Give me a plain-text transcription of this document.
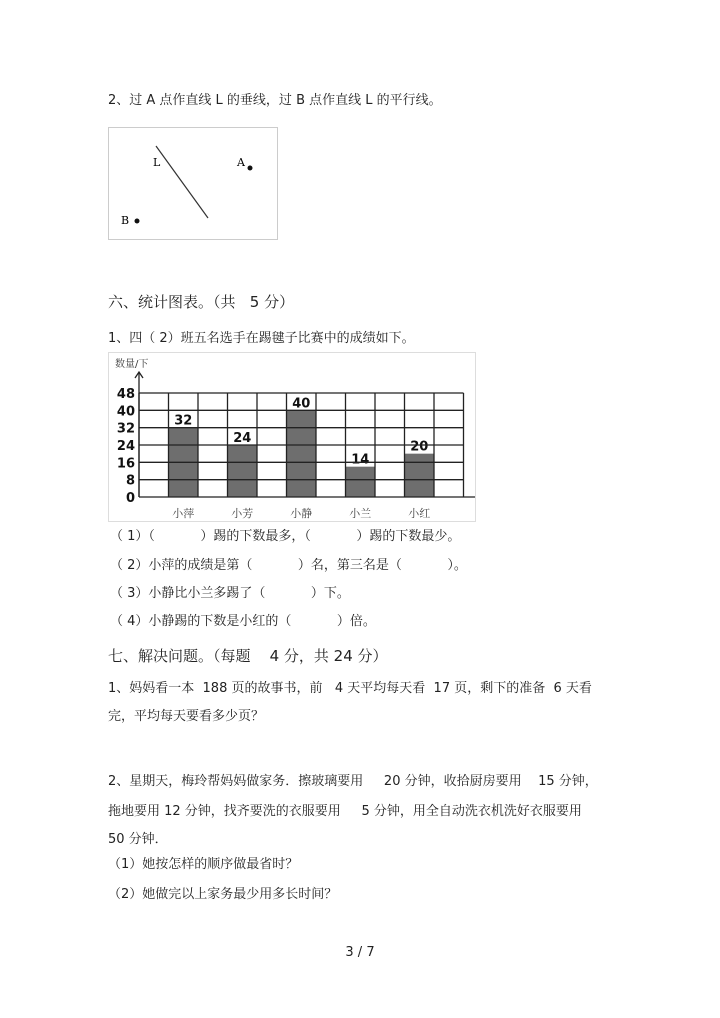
2、过 A 点作直线 L 的垂线，过 B 点作直线 L 的平行线。
L	A
B
六、统计图表。（共   5 分）
1、四（ 2）班五名选手在踢毽子比赛中的成绩如下。
数量/下
32
小萍
24
小芳
40
小静
14
小兰
20
小红
0
8
16
24
32
40
48
（ 1）（           ）踢的下数最多，（           ）踢的下数最少。
（ 2）小萍的成绩是第（           ）名，第三名是（           ）。
（ 3）小静比小兰多踢了（           ）下。
（ 4）小静踢的下数是小红的（           ）倍。
七、解决问题。（每题    4 分，共 24 分）
1、妈妈看一本  188 页的故事书，前   4 天平均每天看  17 页，剩下的准备  6 天看
完，平均每天要看多少页？
2、星期天，梅玲帮妈妈做家务．擦玻璃要用     20 分钟，收拾厨房要用    15 分钟，
拖地要用 12 分钟，找齐要洗的衣服要用     5 分钟，用全自动洗衣机洗好衣服要用
50 分钟．
（1）她按怎样的顺序做最省时？
（2）她做完以上家务最少用多长时间？
3 / 7
